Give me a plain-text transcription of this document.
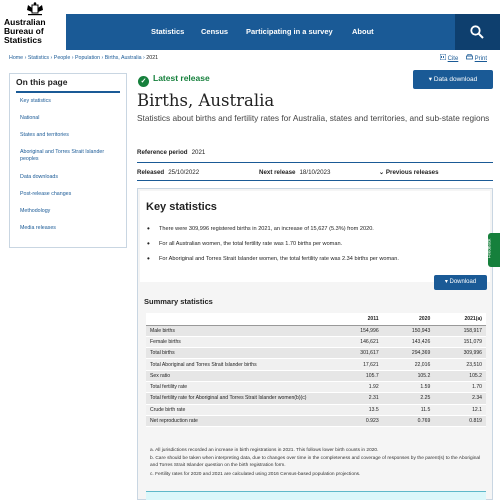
Australian
Bureau of
Statistics
Statistics Census Participating in a survey	About
Home › Statistics › People › Population › Births, Australia › 2021	Cite	Print
On this page
Key statistics
National
States and territories
Aboriginal and Torres Strait Islander peoples
Data downloads
Post-release changes
Methodology
Media releases
✓ Latest release	▾ Data download
Births, Australia
Statistics about births and fertility rates for Australia, states and territories, and sub-state regions
Reference period 2021
Released 25/10/2022	Next release 18/10/2023	⌄ Previous releases
Key statistics
• There were 309,996 registered births in 2021, an increase of 15,627 (5.3%) from 2020.
• For all Australian women, the total fertility rate was 1.70 births per woman.
• For Aboriginal and Torres Strait Islander women, the total fertility rate was 2.34 births per woman.
▾ Download
Summary statistics
	2011	2020	2021(a)
Male births	154,996	150,943	158,917
Female births	146,621	143,426	151,079
Total births	301,617	294,369	309,996
Total Aboriginal and Torres Strait Islander births	17,621	22,016	23,510
Sex ratio	105.7	105.2	105.2
Total fertility rate	1.92	1.59	1.70
Total fertility rate for Aboriginal and Torres Strait Islander women(b)(c)	2.31	2.25	2.34
Crude birth rate	13.5	11.5	12.1
Net reproduction rate	0.923	0.769	0.819
a. All jurisdictions recorded an increase in birth registrations in 2021. This follows lower birth counts in 2020.
b. Care should be taken when interpreting data, due to changes over time in the completeness and coverage of responses by the parent(s) to the Aboriginal and Torres Strait Islander question on the birth registration form.
c. Fertility rates for 2020 and 2021 are calculated using 2016 Census-based population projections.
Feedback
